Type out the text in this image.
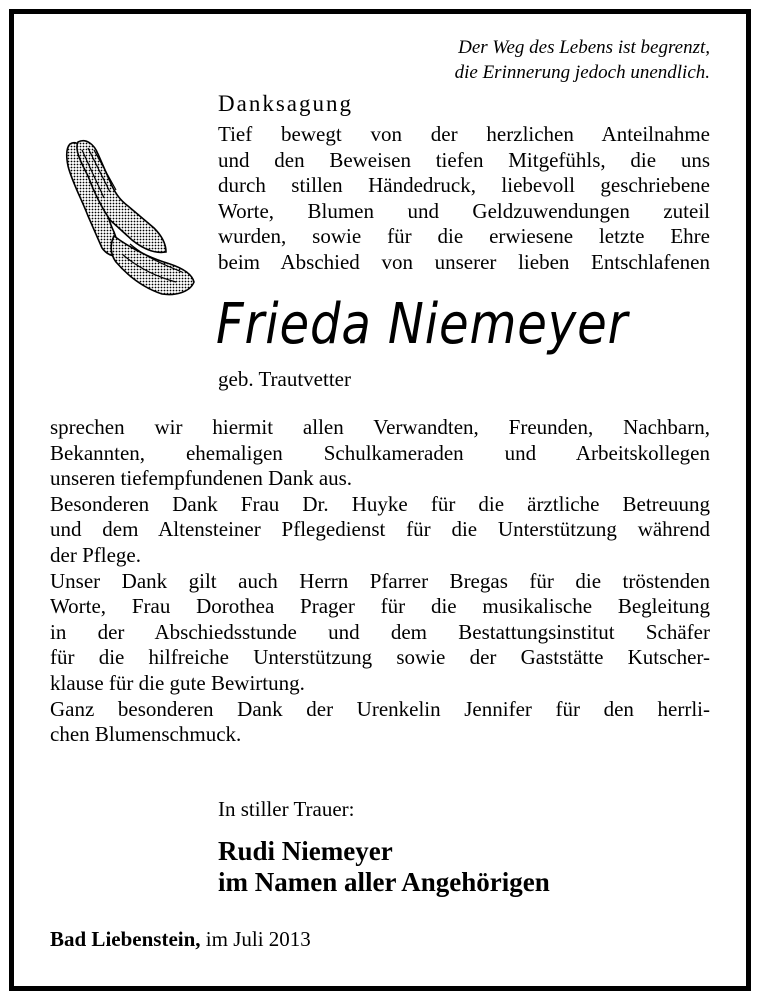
Der Weg des Lebens ist begrenzt,
die Erinnerung jedoch unendlich.
Danksagung
Tief bewegt von der herzlichen Anteilnahme
und den Beweisen tiefen Mitgefühls, die uns
durch stillen Händedruck, liebevoll geschriebene
Worte, Blumen und Geldzuwendungen zuteil
wurden, sowie für die erwiesene letzte Ehre
beim Abschied von unserer lieben Entschlafenen
Frieda Niemeyer
geb. Trautvetter
sprechen wir hiermit allen Verwandten, Freunden, Nachbarn,
Bekannten, ehemaligen Schulkameraden und Arbeitskollegen
unseren tiefempfundenen Dank aus.
Besonderen Dank Frau Dr. Huyke für die ärztliche Betreuung
und dem Altensteiner Pflegedienst für die Unterstützung während
der Pflege.
Unser Dank gilt auch Herrn Pfarrer Bregas für die tröstenden
Worte, Frau Dorothea Prager für die musikalische Begleitung
in der Abschiedsstunde und dem Bestattungsinstitut Schäfer
für die hilfreiche Unterstützung sowie der Gaststätte Kutscher-
klause für die gute Bewirtung.
Ganz besonderen Dank der Urenkelin Jennifer für den herrli-
chen Blumenschmuck.
In stiller Trauer:
Rudi Niemeyer
im Namen aller Angehörigen
Bad Liebenstein, im Juli 2013
